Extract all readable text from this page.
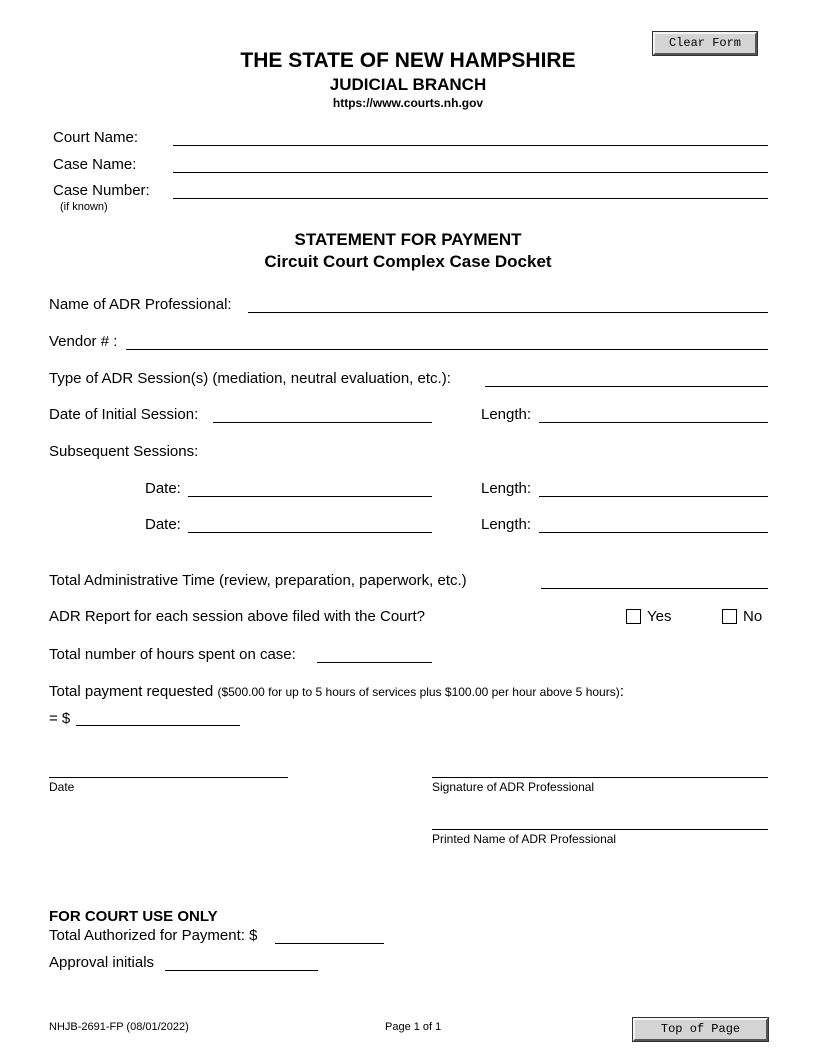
Clear Form
THE STATE OF NEW HAMPSHIRE
JUDICIAL BRANCH
https://www.courts.nh.gov
Court Name:
Case Name:
Case Number:
(if known)
STATEMENT FOR PAYMENT
Circuit Court Complex Case Docket
Name of ADR Professional:
Vendor # :
Type of ADR Session(s) (mediation, neutral evaluation, etc.):
Date of Initial Session:	Length:
Subsequent Sessions:
Date:	Length:
Date:	Length:
Total Administrative Time (review, preparation, paperwork, etc.)
ADR Report for each session above filed with the Court?	Yes	No
Total number of hours spent on case:
Total payment requested ($500.00 for up to 5 hours of services plus $100.00 per hour above 5 hours):
= $
Date	Signature of ADR Professional
Printed Name of ADR Professional
FOR COURT USE ONLY
Total Authorized for Payment: $
Approval initials
NHJB-2691-FP (08/01/2022)	Page 1 of 1	Top of Page
